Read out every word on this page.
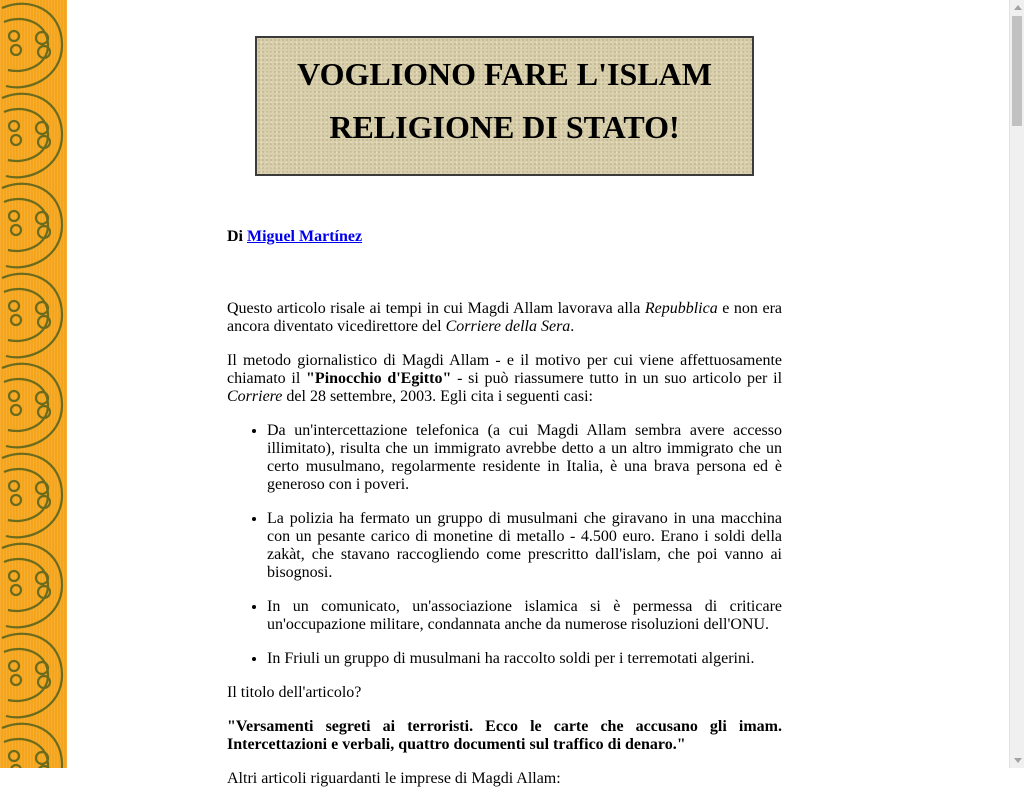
VOGLIONO FARE L'ISLAM
RELIGIONE DI STATO!

Di Miguel Martínez

Questo articolo risale ai tempi in cui Magdi Allam lavorava alla Repubblica e non era ancora diventato vicedirettore del Corriere della Sera.

Il metodo giornalistico di Magdi Allam - e il motivo per cui viene affettuosamente chiamato il "Pinocchio d'Egitto" - si può riassumere tutto in un suo articolo per il Corriere del 28 settembre, 2003. Egli cita i seguenti casi:

• Da un'intercettazione telefonica (a cui Magdi Allam sembra avere accesso illimitato), risulta che un immigrato avrebbe detto a un altro immigrato che un certo musulmano, regolarmente residente in Italia, è una brava persona ed è generoso con i poveri.
• La polizia ha fermato un gruppo di musulmani che giravano in una macchina con un pesante carico di monetine di metallo - 4.500 euro. Erano i soldi della zakàt, che stavano raccogliendo come prescritto dall'islam, che poi vanno ai bisognosi.
• In un comunicato, un'associazione islamica si è permessa di criticare un'occupazione militare, condannata anche da numerose risoluzioni dell'ONU.
• In Friuli un gruppo di musulmani ha raccolto soldi per i terremotati algerini.

Il titolo dell'articolo?

"Versamenti segreti ai terroristi. Ecco le carte che accusano gli imam. Intercettazioni e verbali, quattro documenti sul traffico di denaro."

Altri articoli riguardanti le imprese di Magdi Allam:
